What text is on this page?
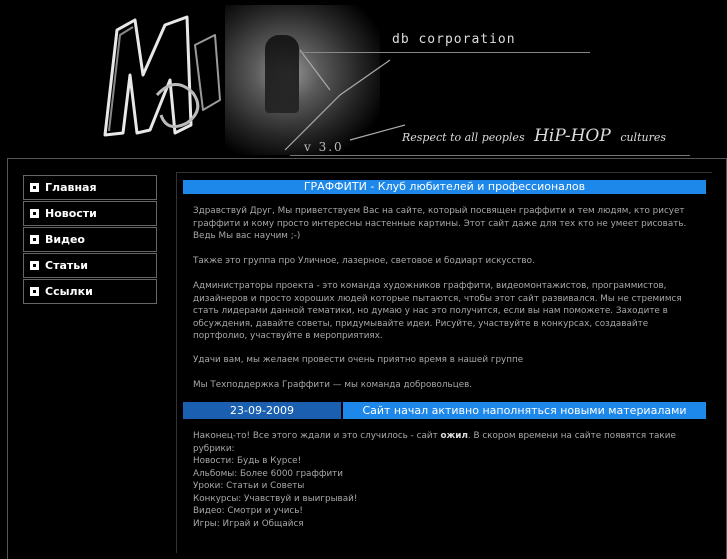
db corporation
v 3.0
Respect to all peoples HiP-HOP cultures
Главная
Новости
Видео
Статьи
Ссылки
ГРАФФИТИ - Клуб любителей и профессионалов
Здравствуй Друг, Мы приветствуем Вас на сайте, который посвящен граффити и тем людям, кто рисует граффити и кому просто интересны настенные картины. Этот сайт даже для тех кто не умеет рисовать. Ведь Мы вас научим ;-)
Также это группа про Уличное, лазерное, световое и бодиарт искусство.
Администраторы проекта - это команда художников граффити, видеомонтажистов, программистов, дизайнеров и просто хороших людей которые пытаются, чтобы этот сайт развивался. Мы не стремимся стать лидерами данной тематики, но думаю у нас это получится, если вы нам поможете. Заходите в обсуждения, давайте советы, придумывайте идеи. Рисуйте, участвуйте в конкурсах, создавайте портфолио, участвуйте в мероприятиях.
Удачи вам, мы желаем провести очень приятно время в нашей группе
Мы Техподдержка Граффити — мы команда добровольцев.
23-09-2009	Сайт начал активно наполняться новыми материалами
Наконец-то! Все этого ждали и это случилось - сайт ожил. В скором времени на сайте появятся такие рубрики:
Новости: Будь в Курсе!
Альбомы: Более 6000 граффити
Уроки: Статьи и Советы
Конкурсы: Учавствуй и выигрывай!
Видео: Смотри и учись!
Игры: Играй и Общайся
